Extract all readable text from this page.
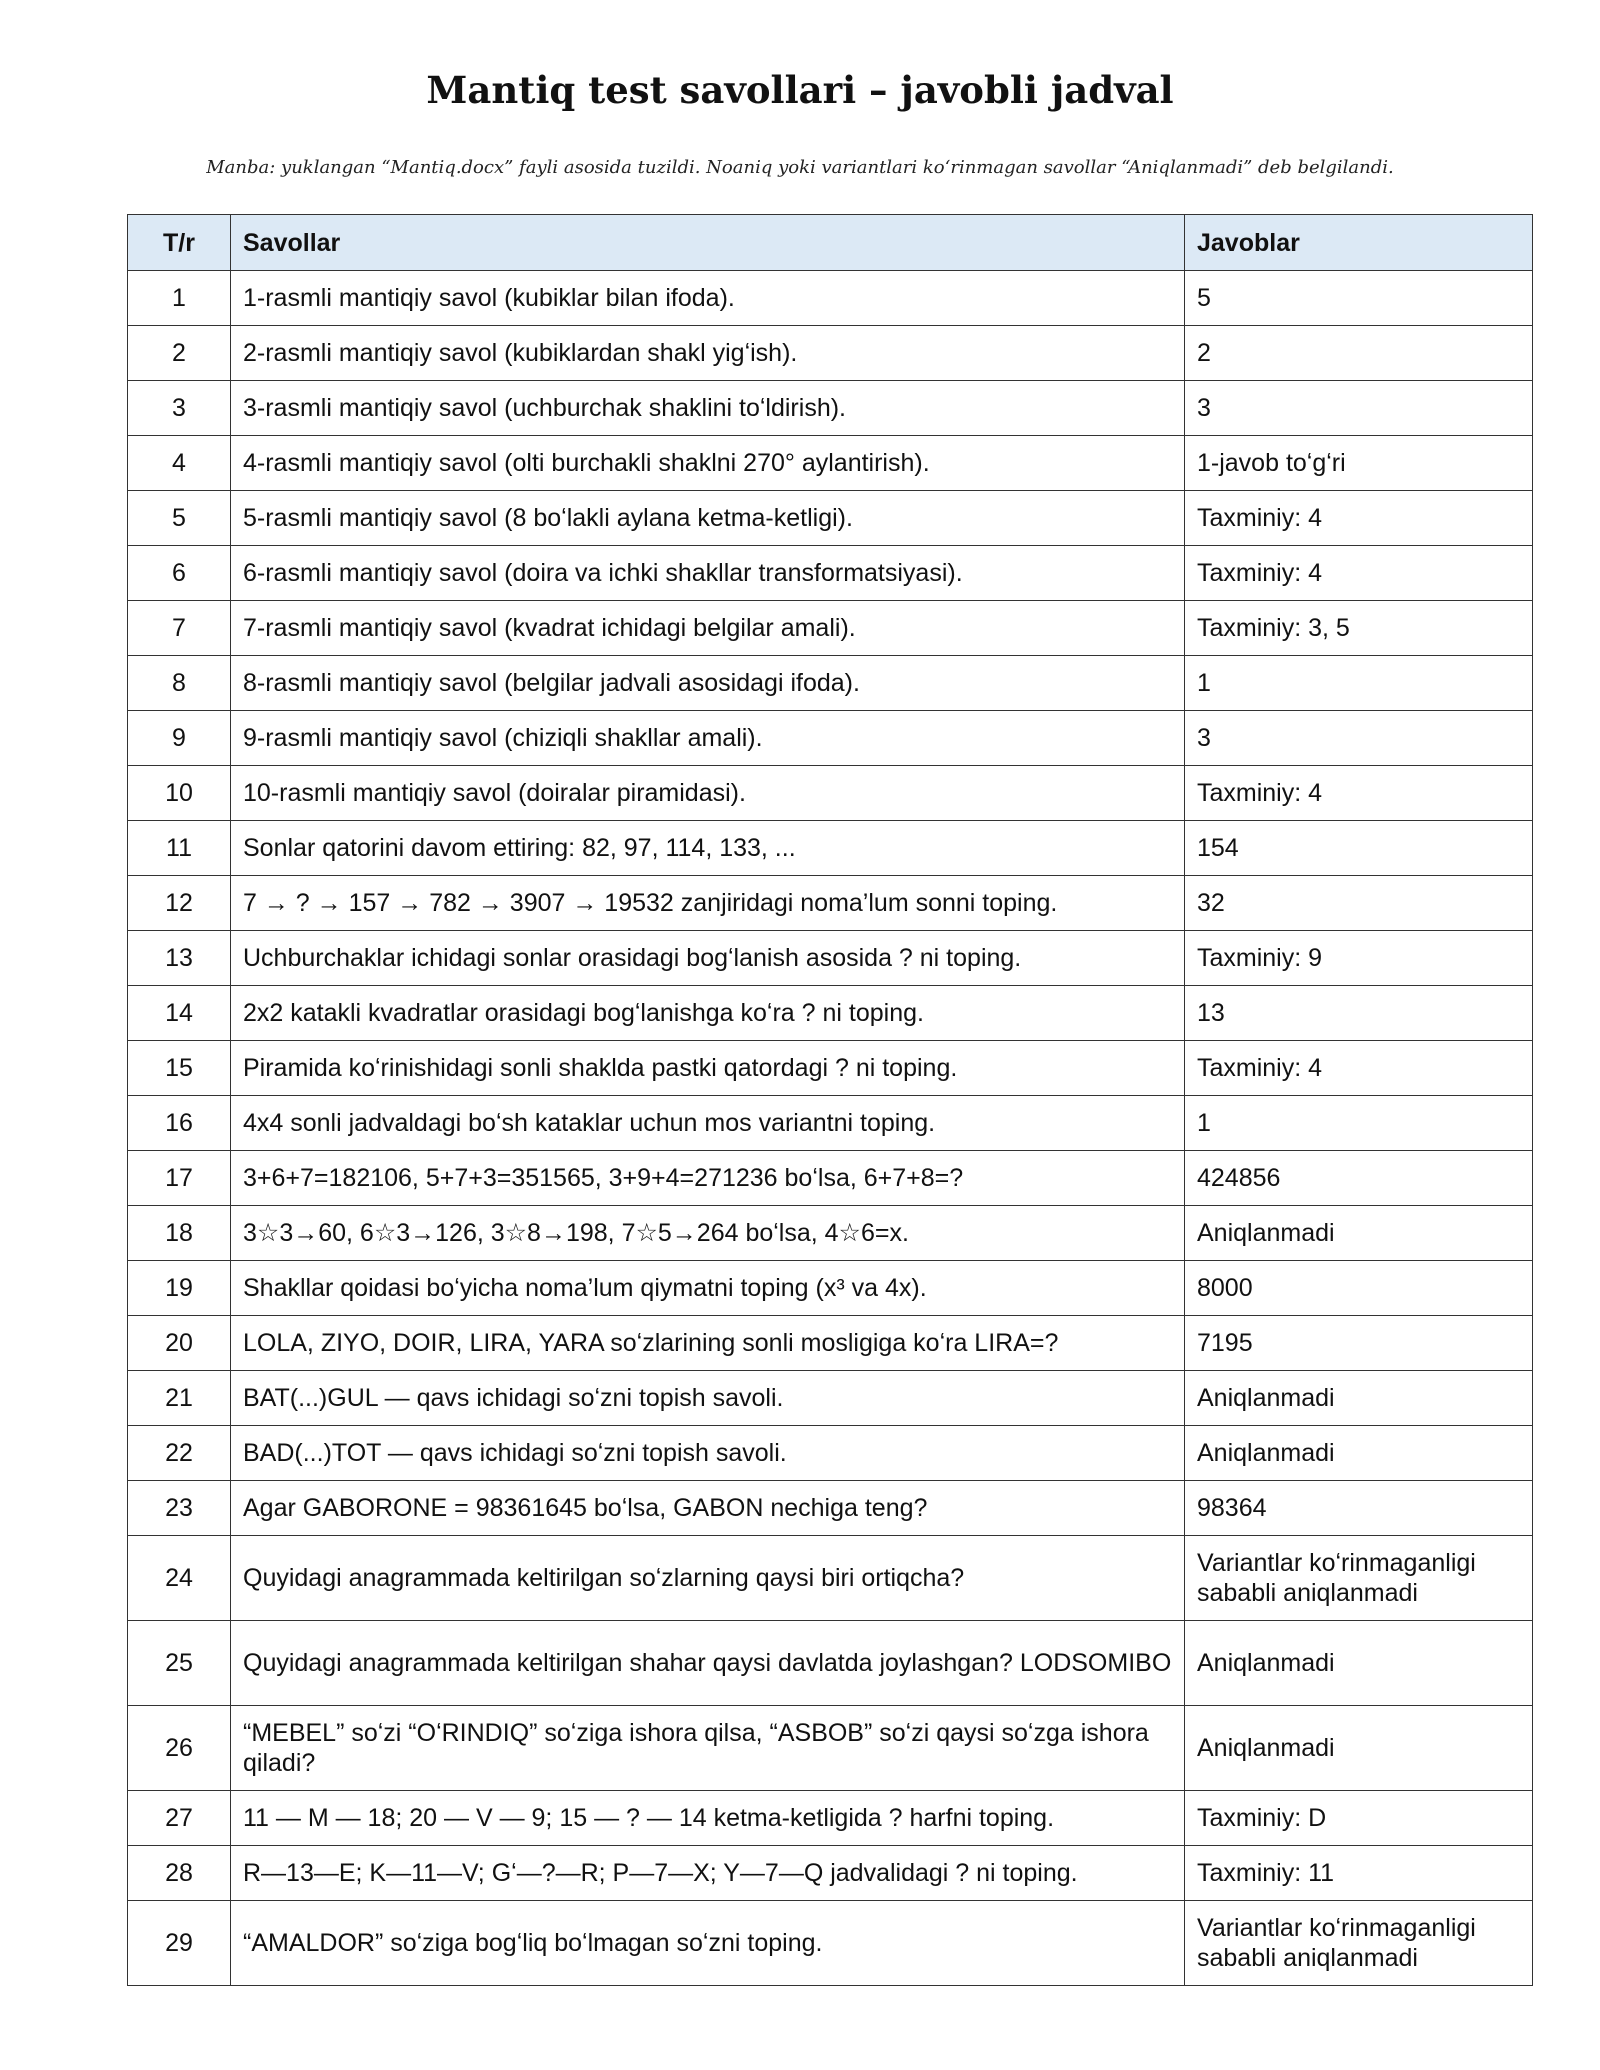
Mantiq test savollari – javobli jadval
Manba: yuklangan “Mantiq.docx” fayli asosida tuzildi. Noaniq yoki variantlari koʻrinmagan savollar “Aniqlanmadi” deb belgilandi.
T/r	Savollar	Javoblar
1	1-rasmli mantiqiy savol (kubiklar bilan ifoda).	5
2	2-rasmli mantiqiy savol (kubiklardan shakl yigʻish).	2
3	3-rasmli mantiqiy savol (uchburchak shaklini toʻldirish).	3
4	4-rasmli mantiqiy savol (olti burchakli shaklni 270° aylantirish).	1-javob toʻgʻri
5	5-rasmli mantiqiy savol (8 boʻlakli aylana ketma-ketligi).	Taxminiy: 4
6	6-rasmli mantiqiy savol (doira va ichki shakllar transformatsiyasi).	Taxminiy: 4
7	7-rasmli mantiqiy savol (kvadrat ichidagi belgilar amali).	Taxminiy: 3, 5
8	8-rasmli mantiqiy savol (belgilar jadvali asosidagi ifoda).	1
9	9-rasmli mantiqiy savol (chiziqli shakllar amali).	3
10	10-rasmli mantiqiy savol (doiralar piramidasi).	Taxminiy: 4
11	Sonlar qatorini davom ettiring: 82, 97, 114, 133, ...	154
12	7 → ? → 157 → 782 → 3907 → 19532 zanjiridagi noma’lum sonni toping.	32
13	Uchburchaklar ichidagi sonlar orasidagi bogʻlanish asosida ? ni toping.	Taxminiy: 9
14	2x2 katakli kvadratlar orasidagi bogʻlanishga koʻra ? ni toping.	13
15	Piramida koʻrinishidagi sonli shaklda pastki qatordagi ? ni toping.	Taxminiy: 4
16	4x4 sonli jadvaldagi boʻsh kataklar uchun mos variantni toping.	1
17	3+6+7=182106, 5+7+3=351565, 3+9+4=271236 boʻlsa, 6+7+8=?	424856
18	3☆3→60, 6☆3→126, 3☆8→198, 7☆5→264 boʻlsa, 4☆6=x.	Aniqlanmadi
19	Shakllar qoidasi boʻyicha noma’lum qiymatni toping (x³ va 4x).	8000
20	LOLA, ZIYO, DOIR, LIRA, YARA soʻzlarining sonli mosligiga koʻra LIRA=?	7195
21	BAT(...)GUL — qavs ichidagi soʻzni topish savoli.	Aniqlanmadi
22	BAD(...)TOT — qavs ichidagi soʻzni topish savoli.	Aniqlanmadi
23	Agar GABORONE = 98361645 boʻlsa, GABON nechiga teng?	98364
24	Quyidagi anagrammada keltirilgan soʻzlarning qaysi biri ortiqcha?	Variantlar koʻrinmaganligi sababli aniqlanmadi
25	Quyidagi anagrammada keltirilgan shahar qaysi davlatda joylashgan? LODSOMIBO	Aniqlanmadi
26	“MEBEL” soʻzi “OʻRINDIQ” soʻziga ishora qilsa, “ASBOB” soʻzi qaysi soʻzga ishora qiladi?	Aniqlanmadi
27	11 — M — 18; 20 — V — 9; 15 — ? — 14 ketma-ketligida ? harfni toping.	Taxminiy: D
28	R—13—E; K—11—V; Gʻ—?—R; P—7—X; Y—7—Q jadvalidagi ? ni toping.	Taxminiy: 11
29	“AMALDOR” soʻziga bogʻliq boʻlmagan soʻzni toping.	Variantlar koʻrinmaganligi sababli aniqlanmadi
